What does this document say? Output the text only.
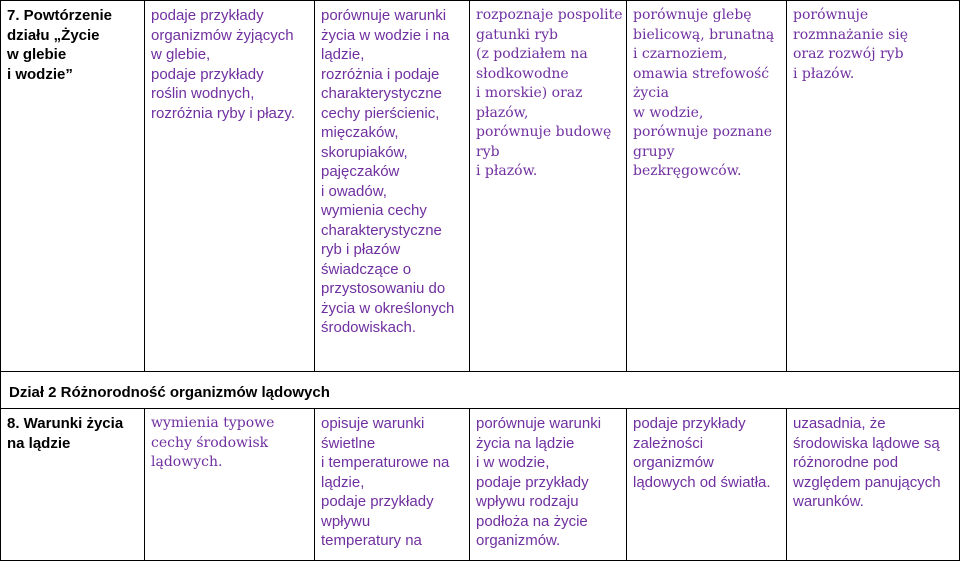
7. Powtórzenie
działu „Życie
w glebie
i wodzie”
podaje przykłady
organizmów żyjących
w glebie,
podaje przykłady
roślin wodnych,
rozróżnia ryby i płazy.
porównuje warunki
życia w wodzie i na
lądzie,
rozróżnia i podaje
charakterystyczne
cechy pierścienic,
mięczaków,
skorupiaków,
pajęczaków
i owadów,
wymienia cechy
charakterystyczne
ryb i płazów
świadczące o
przystosowaniu do
życia w określonych
środowiskach.
rozpoznaje pospolite
gatunki ryb
(z podziałem na
słodkowodne
i morskie) oraz
płazów,
porównuje budowę
ryb
i płazów.
porównuje glebę
bielicową, brunatną
i czarnoziem,
omawia strefowość
życia
w wodzie,
porównuje poznane
grupy
bezkręgowców.
porównuje
rozmnażanie się
oraz rozwój ryb
i płazów.
Dział 2 Różnorodność organizmów lądowych
8. Warunki życia
na lądzie
wymienia typowe
cechy środowisk
lądowych.
opisuje warunki
świetlne
i temperaturowe na
lądzie,
podaje przykłady
wpływu
temperatury na
porównuje warunki
życia na lądzie
i w wodzie,
podaje przykłady
wpływu rodzaju
podłoża na życie
organizmów.
podaje przykłady
zależności
organizmów
lądowych od światła.
uzasadnia, że
środowiska lądowe są
różnorodne pod
względem panujących
warunków.
